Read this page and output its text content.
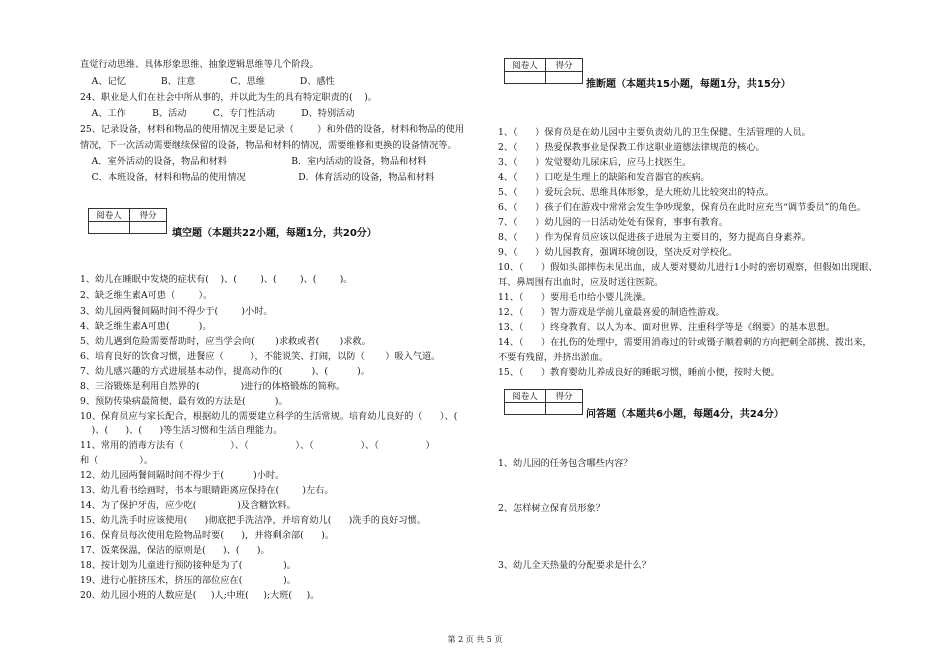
直觉行动思维、具体形象思维、抽象逻辑思维等几个阶段。
A、记忆            B、注意            C、思维            D、感性
24、职业是人们在社会中所从事的，并以此为生的具有特定职责的(    )。
A、工作         B、活动         C、专门性活动         D、特别活动
25、记录设备，材料和物品的使用情况主要是记录（        ）和外借的设备，材料和物品的使用
情况，下一次活动需要继续保留的设备，物品和材料的情况，需要维修和更换的设备情况等。
A．室外活动的设备，物品和材料                      B．室内活动的设备，物品和材料
C．本班设备，材料和物品的使用情况                  D．体育活动的设备，物品和材料
阅卷人	得分

填空题（本题共22小题，每题1分，共20分）
1、幼儿在睡眠中发烧的症状有(    )、(        )、(        )、(        )。
2、缺乏维生素A可患（        ）。
3、幼儿园两餐间隔时间不得少于(        )小时。
4、缺乏维生素A可患(          )。
5、幼儿遇到危险需要帮助时，应当学会向(       )求救或者(       )求救。
6、培育良好的饮食习惯，进餐应（         ），不能说笑、打闹，以防（       ）吸入气道。
7、幼儿感兴趣的方式进展基本动作，提高动作的(          )、(          )。
8、三浴锻炼是利用自然界的(              )进行的体格锻炼的简称。
9、预防传染病最简便、最有效的方法是(          )。
10、保育员应与家长配合，根据幼儿的需要建立科学的生活常规。培育幼儿良好的（      ）、(
)、(      )、(      )等生活习惯和生活自理能力。
11、常用的消毒方法有（                ）、（                ）、（                ）、（                ）
和（              ）。
12、幼儿园两餐间隔时间不得少于(          )小时。
13、幼儿看书绘画时，书本与眼睛距离应保持在(        )左右。
14、为了保护牙齿，应少吃(              )及含糖饮料。
15、幼儿洗手时应该使用(      )彻底把手洗洁净，并培育幼儿(      )洗手的良好习惯。
16、保育员每次使用危险物品时要(      )，并将剩余部(      )。
17、饭菜保温，保洁的原则是(      )、(      )。
18、按计划为儿童进行预防接种是为了(              )。
19、进行心脏挤压术，挤压的部位应在(              )。
20、幼儿园小班的人数应是(     )人;中班(     );大班(     )。
阅卷人	得分

推断题（本题共15小题，每题1分，共15分）
1、（      ）保育员是在幼儿园中主要负责幼儿的卫生保健、生活管理的人员。
2、（      ）热爱保教事业是保教工作这职业道德法律规范的核心。
3、（      ）发觉婴幼儿尿床后，应马上找医生。
4、（      ）口吃是生理上的缺陷和发音器官的疾病。
5、（      ）爱玩会玩、思维具体形象，是大班幼儿比较突出的特点。
6、（      ）孩子们在游戏中常常会发生争吵现象，保育员在此时应充当“调节委员”的角色。
7、（      ）幼儿园的一日活动处处有保育，事事有教育。
8、（      ）作为保育员应该以促进孩子进展为主要目的，努力提高自身素养。
9、（      ）幼儿园教育，强调环境创设，坚决反对学校化。
10、（      ）假如头部摔伤未见出血，成人要对婴幼儿进行1小时的密切观察，但假如出现眼、
耳、鼻周围有出血时，应及时送往医院。
11、（      ）要用毛巾给小婴儿洗澡。
12、（      ）智力游戏是学前儿童最喜爱的制造性游戏。
13、（      ）终身教育、以人为本、面对世界、注重科学等是《纲要》的基本思想。
14、（      ）在扎伤的处理中，需要用消毒过的针或镊子顺着刺的方向把刺全部挑、拨出来，
不要有残留，并挤出淤血。
15、（      ）教育婴幼儿养成良好的睡眠习惯，睡前小便，按时大便。
阅卷人	得分

问答题（本题共6小题，每题4分，共24分）
1、幼儿园的任务包含哪些内容？
2、怎样树立保育员形象？
3、幼儿全天热量的分配要求是什么？
第 2 页 共 5 页
